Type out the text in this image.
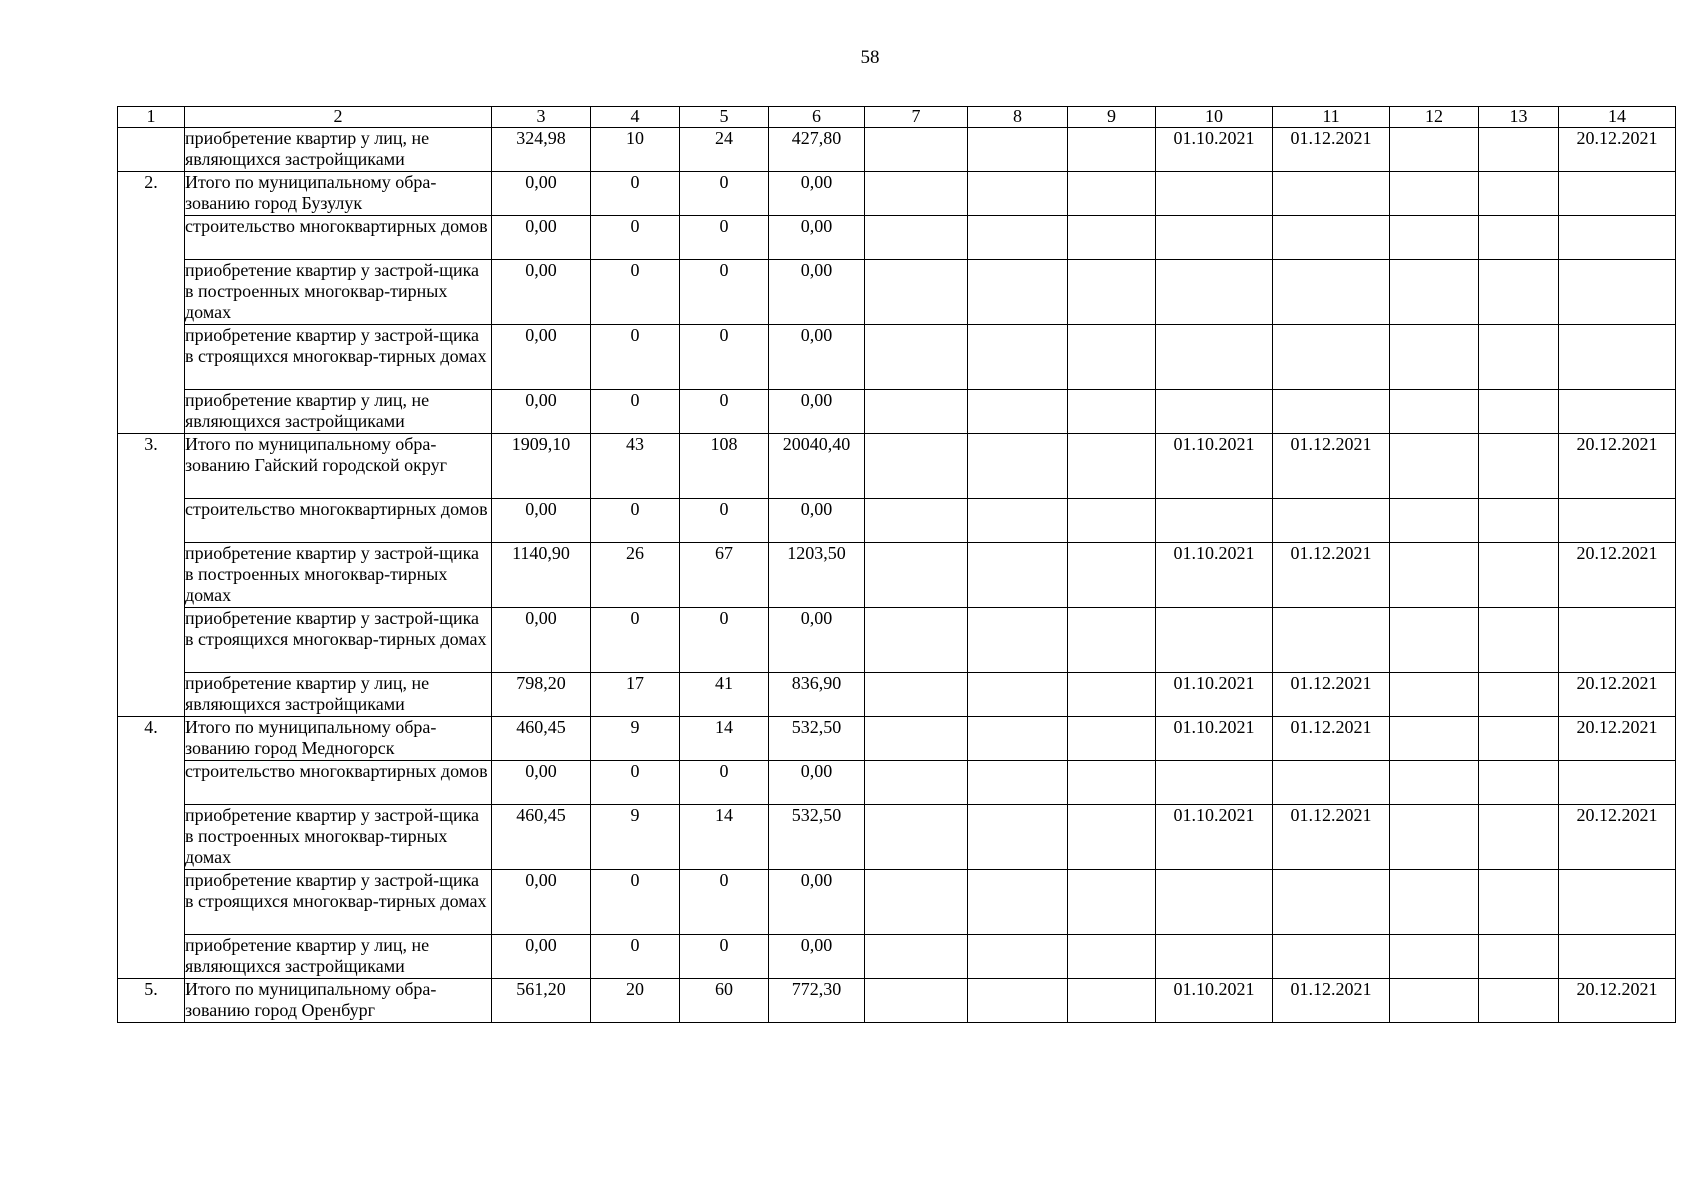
58
1	2	3	4	5	6	7	8	9	10	11	12	13	14
	приобретение квартир у лиц, не являющихся застройщиками	324,98	10	24	427,80				01.10.2021	01.12.2021			20.12.2021
2.	Итого по муниципальному обра-зованию город Бузулук	0,00	0	0	0,00								
	строительство многоквартирных домов	0,00	0	0	0,00								
	приобретение квартир у застрой-щика в построенных многоквар-тирных домах	0,00	0	0	0,00								
	приобретение квартир у застрой-щика в строящихся многоквар-тирных домах	0,00	0	0	0,00								
	приобретение квартир у лиц, не являющихся застройщиками	0,00	0	0	0,00								
3.	Итого по муниципальному обра-зованию Гайский городской округ	1909,10	43	108	20040,40				01.10.2021	01.12.2021			20.12.2021
	строительство многоквартирных домов	0,00	0	0	0,00								
	приобретение квартир у застрой-щика в построенных многоквар-тирных домах	1140,90	26	67	1203,50				01.10.2021	01.12.2021			20.12.2021
	приобретение квартир у застрой-щика в строящихся многоквар-тирных домах	0,00	0	0	0,00								
	приобретение квартир у лиц, не являющихся застройщиками	798,20	17	41	836,90				01.10.2021	01.12.2021			20.12.2021
4.	Итого по муниципальному обра-зованию город Медногорск	460,45	9	14	532,50				01.10.2021	01.12.2021			20.12.2021
	строительство многоквартирных домов	0,00	0	0	0,00								
	приобретение квартир у застрой-щика в построенных многоквар-тирных домах	460,45	9	14	532,50				01.10.2021	01.12.2021			20.12.2021
	приобретение квартир у застрой-щика в строящихся многоквар-тирных домах	0,00	0	0	0,00								
	приобретение квартир у лиц, не являющихся застройщиками	0,00	0	0	0,00								
5.	Итого по муниципальному обра-зованию город Оренбург	561,20	20	60	772,30				01.10.2021	01.12.2021			20.12.2021
